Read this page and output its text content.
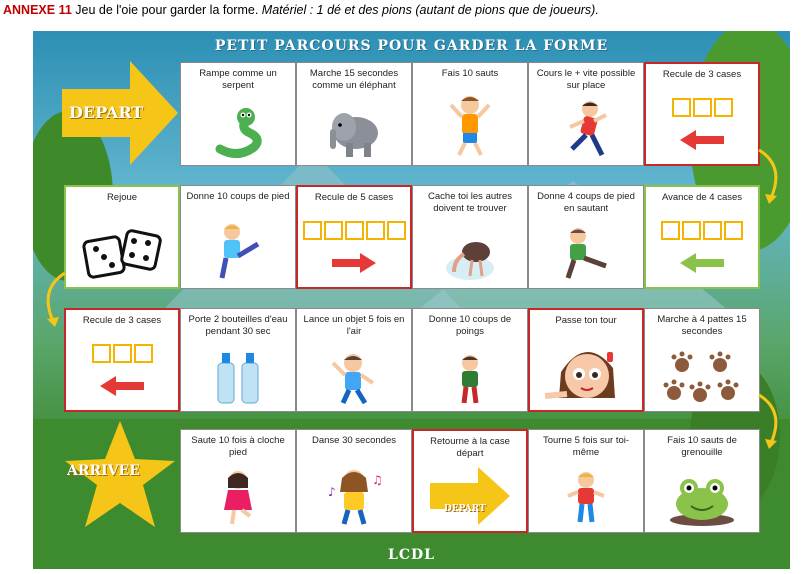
ANNEXE 11 Jeu de l'oie pour garder la forme. Matériel : 1 dé et des pions (autant de pions que de joueurs).
PETIT PARCOURS POUR GARDER LA FORME
DEPART
Rampe comme un serpent
Marche 15 secondes comme un éléphant
Fais 10 sauts	Cours le + vite possible sur place
Recule de 3 cases
Rejoue	Donne 10 coups de pied	Recule de 5 cases	Cache toi les autres doivent te trouver
Donne 4 coups de pied en sautant
Avance de 4 cases
Recule de 3 cases	Porte 2 bouteilles d'eau pendant 30 sec
Lance un objet 5 fois en l'air
Donne 10 coups de poings
Passe ton tour	Marche à 4 pattes 15 secondes
ARRIVEE
Saute 10 fois à cloche pied
Danse 30 secondes
♪
♫
Retourne à la case départ
DEPART
Tourne 5 fois sur toi-même
Fais 10 sauts de grenouille
LCDL
